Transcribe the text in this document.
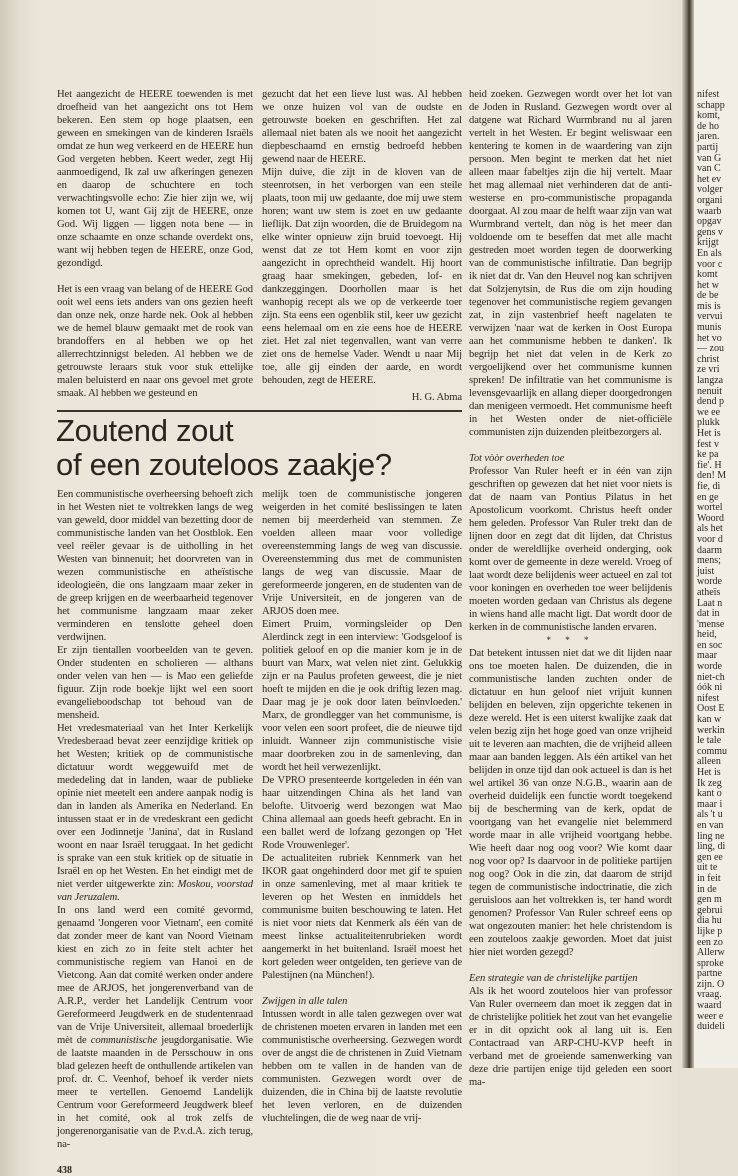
Het aangezicht de HEERE toewenden is met droefheid van het aangezicht ons tot Hem bekeren. Een stem op hoge plaatsen, een geween en smekingen van de kinderen Israëls omdat ze hun weg verkeerd en de HEERE hun God vergeten hebben. Keert weder, zegt Hij aanmoedigend, Ik zal uw afkeringen genezen en daarop de schuchtere en toch verwachtingsvolle echo: Zie hier zijn we, wij komen tot U, want Gij zijt de HEERE, onze God. Wij liggen — liggen nota bene — in onze schaamte en onze schande overdekt ons, want wij hebben tegen de HEERE, onze God, gezondigd.

Het is een vraag van belang of de HEERE God ooit wel eens iets anders van ons gezien heeft dan onze nek, onze harde nek. Ook al hebben we de hemel blauw gemaakt met de rook van brandoffers en al hebben we op het allerrechtzinnigst beleden. Al hebben we de getrouwste leraars stuk voor stuk ettelijke malen beluisterd en naar ons gevoel met grote smaak. Al hebben we gesteund en

gezucht dat het een lieve lust was. Al hebben we onze huizen vol van de oudste en getrouwste boeken en geschriften. Het zal allemaal niet baten als we nooit het aangezicht diepbeschaamd en ernstig bedroefd hebben gewend naar de HEERE.

Mijn duive, die zijt in de kloven van de steenrotsen, in het verborgen van een steile plaats, toon mij uw gedaante, doe mij uwe stem horen; want uw stem is zoet en uw gedaante lieflijk. Dat zijn woorden, die de Bruidegom na elke winter opnieuw zijn bruid toevoegt. Hij wenst dat ze tot Hem komt en voor zijn aangezicht in oprechtheid wandelt. Hij hoort graag haar smekingen, gebeden, lof- en dankzeggingen. Doorhollen maar is het wanhopig recept als we op de verkeerde toer zijn. Sta eens een ogenblik stil, keer uw gezicht eens helemaal om en zie eens hoe de HEERE ziet. Het zal niet tegenvallen, want van verre ziet ons de hemelse Vader. Wendt u naar Mij toe, alle gij einden der aarde, en wordt behouden, zegt de HEERE.

H. G. Abma

Zoutend zout
of een zouteloos zaakje?

Een communistische overheersing behoeft zich in het Westen niet te voltrekken langs de weg van geweld, door middel van bezetting door de communistische landen van het Oostblok. Een veel reëler gevaar is de uitholling in het Westen van binnenuit; het doorvreten van in wezen communistische en atheïstische ideologieën, die ons langzaam maar zeker in de greep krijgen en de weerbaarheid tegenover het communisme langzaam maar zeker verminderen en tenslotte geheel doen verdwijnen.

Er zijn tientallen voorbeelden van te geven. Onder studenten en scholieren — althans onder velen van hen — is Mao een geliefde figuur. Zijn rode boekje lijkt wel een soort evangelieboodschap tot behoud van de mensheid.

Het vredesmateriaal van het Inter Kerkelijk Vredesberaad bevat zeer eenzijdige kritiek op het Westen; kritiek op de communistische dictatuur wordt weggewuifd met de mededeling dat in landen, waar de publieke opinie niet meetelt een andere aanpak nodig is dan in landen als Amerika en Nederland. En intussen staat er in de vredeskrant een gedicht over een Jodinnetje 'Janina', dat in Rusland woont en naar Israël teruggaat. In het gedicht is sprake van een stuk kritiek op de situatie in Israël en op het Westen. En het eindigt met de niet verder uitgewerkte zin: Moskou, voorstad van Jeruzalem.

In ons land werd een comité gevormd, genaamd 'Jongeren voor Vietnam', een comité dat zonder meer de kant van Noord Vietnam kiest en zich zo in feite stelt achter het communistische regiem van Hanoi en de Vietcong. Aan dat comité werken onder andere mee de ARJOS, het jongerenverband van de A.R.P., verder het Landelijk Centrum voor Gereformeerd Jeugdwerk en de studentenraad van de Vrije Universiteit, allemaal broederlijk mèt de communistische jeugdorganisatie. Wie de laatste maanden in de Persschouw in ons blad gelezen heeft de onthullende artikelen van prof. dr. C. Veenhof, behoef ik verder niets meer te vertellen. Genoemd Landelijk Centrum voor Gereformeerd Jeugdwerk bleef in het comité, ook al trok zelfs de jongerenorganisatie van de P.v.d.A. zich terug, na-

melijk toen de communistische jongeren weigerden in het comité beslissingen te laten nemen bij meerderheid van stemmen. Ze voelden alleen maar voor volledige overeenstemming langs de weg van discussie. Overeenstemming dus met de communisten langs de weg van discussie. Maar de gereformeerde jongeren, en de studenten van de Vrije Universiteit, en de jongeren van de ARJOS doen mee.

Eimert Pruim, vormingsleider op Den Alerdinck zegt in een interview: 'Godsgeloof is politiek geloof en op die manier kom je in de buurt van Marx, wat velen niet zint. Gelukkig zijn er na Paulus profeten geweest, die je niet hoeft te mijden en die je ook driftig lezen mag. Daar mag je je ook door laten beïnvloeden.' Marx, de grondlegger van het communisme, is voor velen een soort profeet, die de nieuwe tijd inluidt. Wanneer zijn communistische visie maar doorbreken zou in de samenleving, dan wordt het heil verwezenlijkt.

De VPRO presenteerde kortgeleden in één van haar uitzendingen China als het land van belofte. Uitvoerig werd bezongen wat Mao China allemaal aan goeds heeft gebracht. En in een ballet werd de lofzang gezongen op 'Het Rode Vrouwenleger'.

De actualiteiten rubriek Kennmerk van het IKOR gaat ongehinderd door met gif te spuien in onze samenleving, met al maar kritiek te leveren op het Westen en inmiddels het communisme buiten beschouwing te laten. Het is niet voor niets dat Kenmerk als één van de meest linkse actualiteitenrubrieken wordt aangemerkt in het buitenland. Israël moest het kort geleden weer ontgelden, ten gerieve van de Palestijnen (na München!).

Zwijgen in alle talen

Intussen wordt in alle talen gezwegen over wat de christenen moeten ervaren in landen met een communistische overheersing. Gezwegen wordt over de angst die de christenen in Zuid Vietnam hebben om te vallen in de handen van de communisten. Gezwegen wordt over de duizenden, die in China bij de laatste revolutie het leven verloren, en de duizenden vluchtelingen, die de weg naar de vrij-

438

heid zoeken. Gezwegen wordt over het lot van de Joden in Rusland. Gezwegen wordt over al datgene wat Richard Wurmbrand nu al jaren vertelt in het Westen. Er begint weliswaar een kentering te komen in de waardering van zijn persoon. Men begint te merken dat het niet alleen maar fabeltjes zijn die hij vertelt. Maar het mag allemaal niet verhinderen dat de anti-westerse en pro-communistische propaganda doorgaat. Al zou maar de helft waar zijn van wat Wurmbrand vertelt, dan nòg is het meer dan voldoende om te beseffen dat met alle macht gestreden moet worden tegen de doorwerking van de communistische infiltratie. Dan begrijp ik niet dat dr. Van den Heuvel nog kan schrijven dat Solzjenytsin, de Rus die om zijn houding tegenover het communistische regiem gevangen zat, in zijn vastenbrief heeft nagelaten te verwijzen 'naar wat de kerken in Oost Europa aan het communisme hebben te danken'. Ik begrijp het niet dat velen in de Kerk zo vergoelijkend over het communisme kunnen spreken! De infiltratie van het communisme is levensgevaarlijk en allang dieper doorgedrongen dan menigeen vermoedt. Het communisme heeft in het Westen onder de niet-officiële communisten zijn duizenden pleitbezorgers al.

Tot vòòr overheden toe

Professor Van Ruler heeft er in één van zijn geschriften op gewezen dat het niet voor niets is dat de naam van Pontius Pilatus in het Apostolicum voorkomt. Christus heeft onder hem geleden. Professor Van Ruler trekt dan de lijnen door en zegt dat dit lijden, dat Christus onder de wereldlijke overheid onderging, ook komt over de gemeente in deze wereld. Vroeg of laat wordt deze belijdenis weer actueel en zal tot voor koningen en overheden toe weer belijdenis moeten worden gedaan van Christus als degene in wiens hand alle macht ligt. Dat wordt door de kerken in de communistische landen ervaren.

* * *

Dat betekent intussen niet dat we dit lijden naar ons toe moeten halen. De duizenden, die in communistische landen zuchten onder de dictatuur en hun geloof niet vrijuit kunnen belijden en beleven, zijn opgerichte tekenen in deze wereld. Het is een uiterst kwalijke zaak dat velen bezig zijn het hoge goed van onze vrijheid uit te leveren aan machten, die de vrijheid alleen maar aan banden leggen. Als één artikel van het belijden in onze tijd dan ook actueel is dan is het wel artikel 36 van onze N.G.B., waarin aan de overheid duidelijk een functie wordt toegekend bij de bescherming van de kerk, opdat de voortgang van het evangelie niet belemmerd worde maar in alle vrijheid voortgang hebbe. Wie heeft daar nog oog voor? Wie komt daar nog voor op? Is daarvoor in de politieke partijen nog oog? Ook in die zin, dat daarom de strijd tegen de communistische indoctrinatie, die zich geruisloos aan het voltrekken is, ter hand wordt genomen? Professor Van Ruler schreef eens op wat ongezouten manier: het hele christendom is een zouteloos zaakje geworden. Moet dat juist hier niet worden gezegd?

Een strategie van de christelijke partijen

Als ik het woord zouteloos hier van professor Van Ruler overneem dan moet ik zeggen dat in de christelijke politiek het zout van het evangelie er in dit opzicht ook al lang uit is. Een Contactraad van ARP-CHU-KVP heeft in verband met de groeiende samenwerking van deze drie partijen enige tijd geleden een soort ma-

nifest
schapp
komt,
de ho
jaren.
partij
van G
van C
het ev
volger
organi
waarb
opgav
gens v
krijgt
En als
voor c
komt
het w
de be
mis is
vervui
munis
het vo
— zou
christ
ze vri
langza
nenuit
dend p
we ee
plukk
Het is
fest v
ke pa
fie'. H
den! M
fie, di
en ge
wortel
Woord
als het
voor d
daarm
mens;
juist
worde
atheïs
Laat n
dat in
'mense
heid,
en soc
maar
worde
niet-ch
óók ni
nifest
Oost E
kan w
werkin
le tale
commu
alleen
Het is
Ik zeg
kant o
maar i
als 't u
en van
ling ne
ling, di
gen ee
uit te
in feit
in de
gen m
gebrui
dia hu
lijke p
een zo
Allerw
sproke
partne
zijn. O
vraag.
waard
weer e
duideli
